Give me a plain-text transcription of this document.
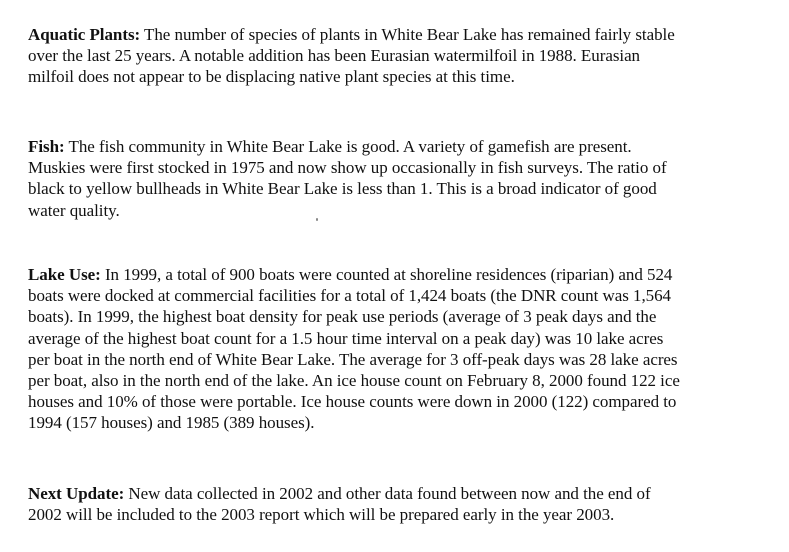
Aquatic Plants: The number of species of plants in White Bear Lake has remained fairly stable
over the last 25 years. A notable addition has been Eurasian watermilfoil in 1988. Eurasian
milfoil does not appear to be displacing native plant species at this time.

Fish: The fish community in White Bear Lake is good. A variety of gamefish are present.
Muskies were first stocked in 1975 and now show up occasionally in fish surveys. The ratio of
black to yellow bullheads in White Bear Lake is less than 1. This is a broad indicator of good
water quality.

Lake Use: In 1999, a total of 900 boats were counted at shoreline residences (riparian) and 524
boats were docked at commercial facilities for a total of 1,424 boats (the DNR count was 1,564
boats). In 1999, the highest boat density for peak use periods (average of 3 peak days and the
average of the highest boat count for a 1.5 hour time interval on a peak day) was 10 lake acres
per boat in the north end of White Bear Lake. The average for 3 off-peak days was 28 lake acres
per boat, also in the north end of the lake. An ice house count on February 8, 2000 found 122 ice
houses and 10% of those were portable. Ice house counts were down in 2000 (122) compared to
1994 (157 houses) and 1985 (389 houses).

Next Update: New data collected in 2002 and other data found between now and the end of
2002 will be included to the 2003 report which will be prepared early in the year 2003.
